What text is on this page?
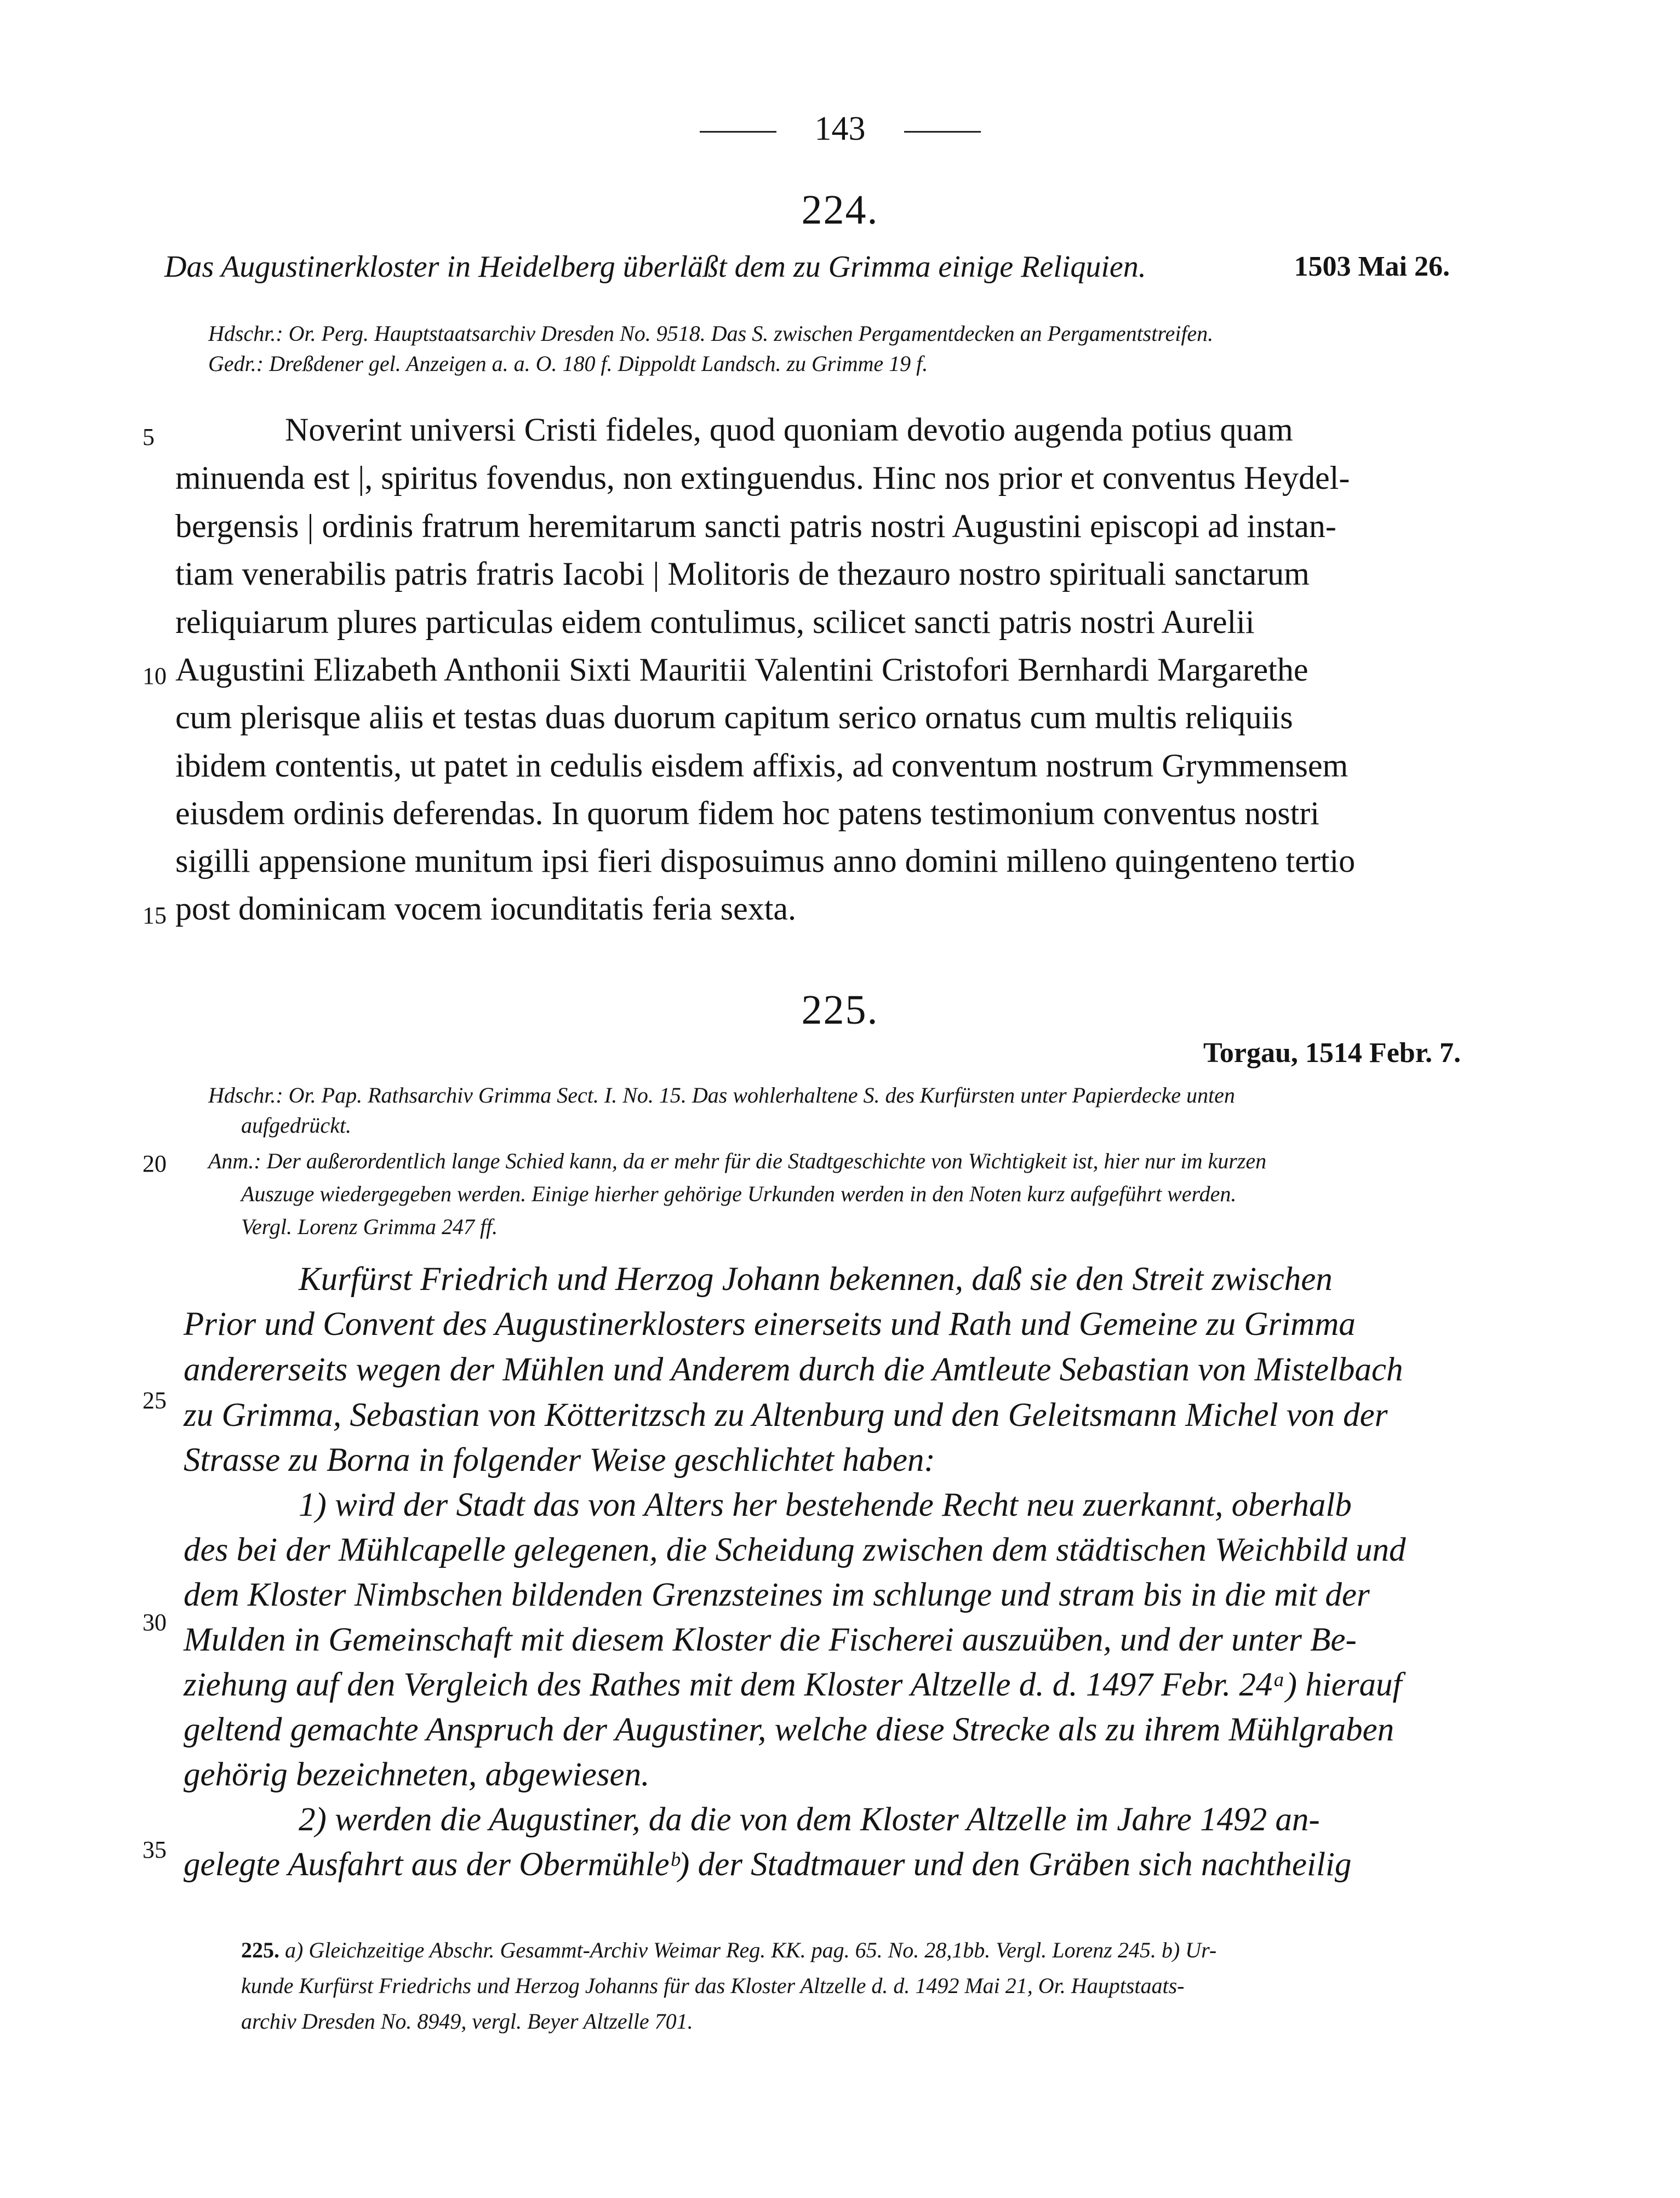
143
224.
Das Augustinerkloster in Heidelberg überläßt dem zu Grimma einige Reliquien.	1503 Mai 26.
Hdschr.: Or. Perg. Hauptstaatsarchiv Dresden No. 9518. Das S. zwischen Pergamentdecken an Pergamentstreifen.
Gedr.: Dreßdener gel. Anzeigen a. a. O. 180 f. Dippoldt Landsch. zu Grimme 19 f.
5
10
15
Noverint universi Cristi fideles, quod quoniam devotio augenda potius quam
minuenda est |, spiritus fovendus, non extinguendus. Hinc nos prior et conventus Heydel-
bergensis | ordinis fratrum heremitarum sancti patris nostri Augustini episcopi ad instan-
tiam venerabilis patris fratris Iacobi | Molitoris de thezauro nostro spirituali sanctarum
reliquiarum plures particulas eidem contulimus, scilicet sancti patris nostri Aurelii
Augustini Elizabeth Anthonii Sixti Mauritii Valentini Cristofori Bernhardi Margarethe
cum plerisque aliis et testas duas duorum capitum serico ornatus cum multis reliquiis
ibidem contentis, ut patet in cedulis eisdem affixis, ad conventum nostrum Grymmensem
eiusdem ordinis deferendas. In quorum fidem hoc patens testimonium conventus nostri
sigilli appensione munitum ipsi fieri disposuimus anno domini milleno quingenteno tertio
post dominicam vocem iocunditatis feria sexta.
225.
Torgau, 1514 Febr. 7.
Hdschr.: Or. Pap. Rathsarchiv Grimma Sect. I. No. 15. Das wohlerhaltene S. des Kurfürsten unter Papierdecke unten
aufgedrückt.
Anm.: Der außerordentlich lange Schied kann, da er mehr für die Stadtgeschichte von Wichtigkeit ist, hier nur im kurzen
Auszuge wiedergegeben werden. Einige hierher gehörige Urkunden werden in den Noten kurz aufgeführt werden.
Vergl. Lorenz Grimma 247 ff.
20
25
30
35
Kurfürst Friedrich und Herzog Johann bekennen, daß sie den Streit zwischen
Prior und Convent des Augustinerklosters einerseits und Rath und Gemeine zu Grimma
andererseits wegen der Mühlen und Anderem durch die Amtleute Sebastian von Mistelbach
zu Grimma, Sebastian von Kötteritzsch zu Altenburg und den Geleitsmann Michel von der
Strasse zu Borna in folgender Weise geschlichtet haben:
1) wird der Stadt das von Alters her bestehende Recht neu zuerkannt, oberhalb
des bei der Mühlcapelle gelegenen, die Scheidung zwischen dem städtischen Weichbild und
dem Kloster Nimbschen bildenden Grenzsteines im schlunge und stram bis in die mit der
Mulden in Gemeinschaft mit diesem Kloster die Fischerei auszuüben, und der unter Be-
ziehung auf den Vergleich des Rathes mit dem Kloster Altzelle d. d. 1497 Febr. 24ᵃ) hierauf
geltend gemachte Anspruch der Augustiner, welche diese Strecke als zu ihrem Mühlgraben
gehörig bezeichneten, abgewiesen.
2) werden die Augustiner, da die von dem Kloster Altzelle im Jahre 1492 an-
gelegte Ausfahrt aus der Obermühleᵇ) der Stadtmauer und den Gräben sich nachtheilig
225. a) Gleichzeitige Abschr. Gesammt-Archiv Weimar Reg. KK. pag. 65. No. 28,1bb. Vergl. Lorenz 245. b) Ur-
kunde Kurfürst Friedrichs und Herzog Johanns für das Kloster Altzelle d. d. 1492 Mai 21, Or. Hauptstaats-
archiv Dresden No. 8949, vergl. Beyer Altzelle 701.
